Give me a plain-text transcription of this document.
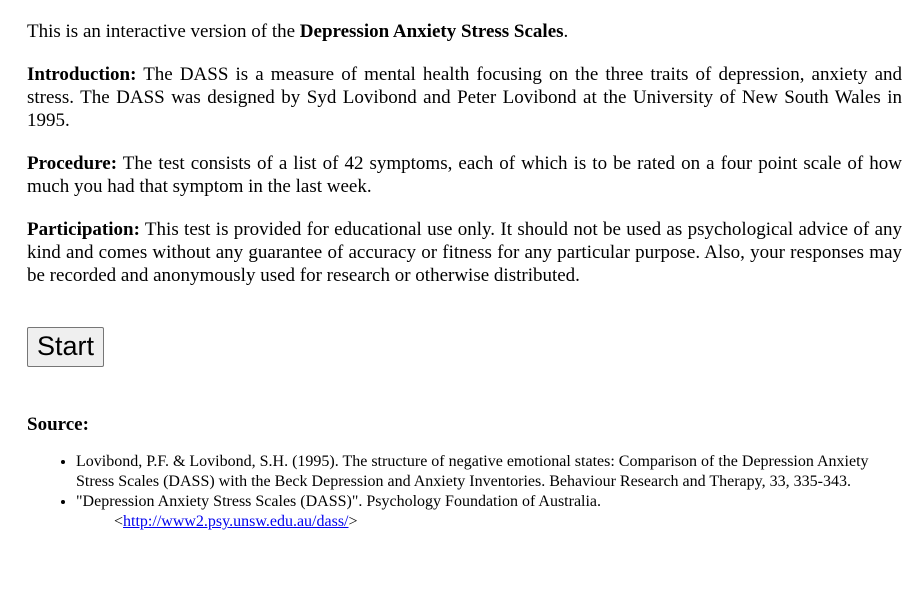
This is an interactive version of the Depression Anxiety Stress Scales.

Introduction: The DASS is a measure of mental health focusing on the three traits of depression, anxiety and stress. The DASS was designed by Syd Lovibond and Peter Lovibond at the University of New South Wales in 1995.

Procedure: The test consists of a list of 42 symptoms, each of which is to be rated on a four point scale of how much you had that symptom in the last week.

Participation: This test is provided for educational use only. It should not be used as psychological advice of any kind and comes without any guarantee of accuracy or fitness for any particular purpose. Also, your responses may be recorded and anonymously used for research or otherwise distributed.

Start
Source:
• Lovibond, P.F. & Lovibond, S.H. (1995). The structure of negative emotional states: Comparison of the Depression Anxiety Stress Scales (DASS) with the Beck Depression and Anxiety Inventories. Behaviour Research and Therapy, 33, 335-343.
• "Depression Anxiety Stress Scales (DASS)". Psychology Foundation of Australia.
<http://www2.psy.unsw.edu.au/dass/>
